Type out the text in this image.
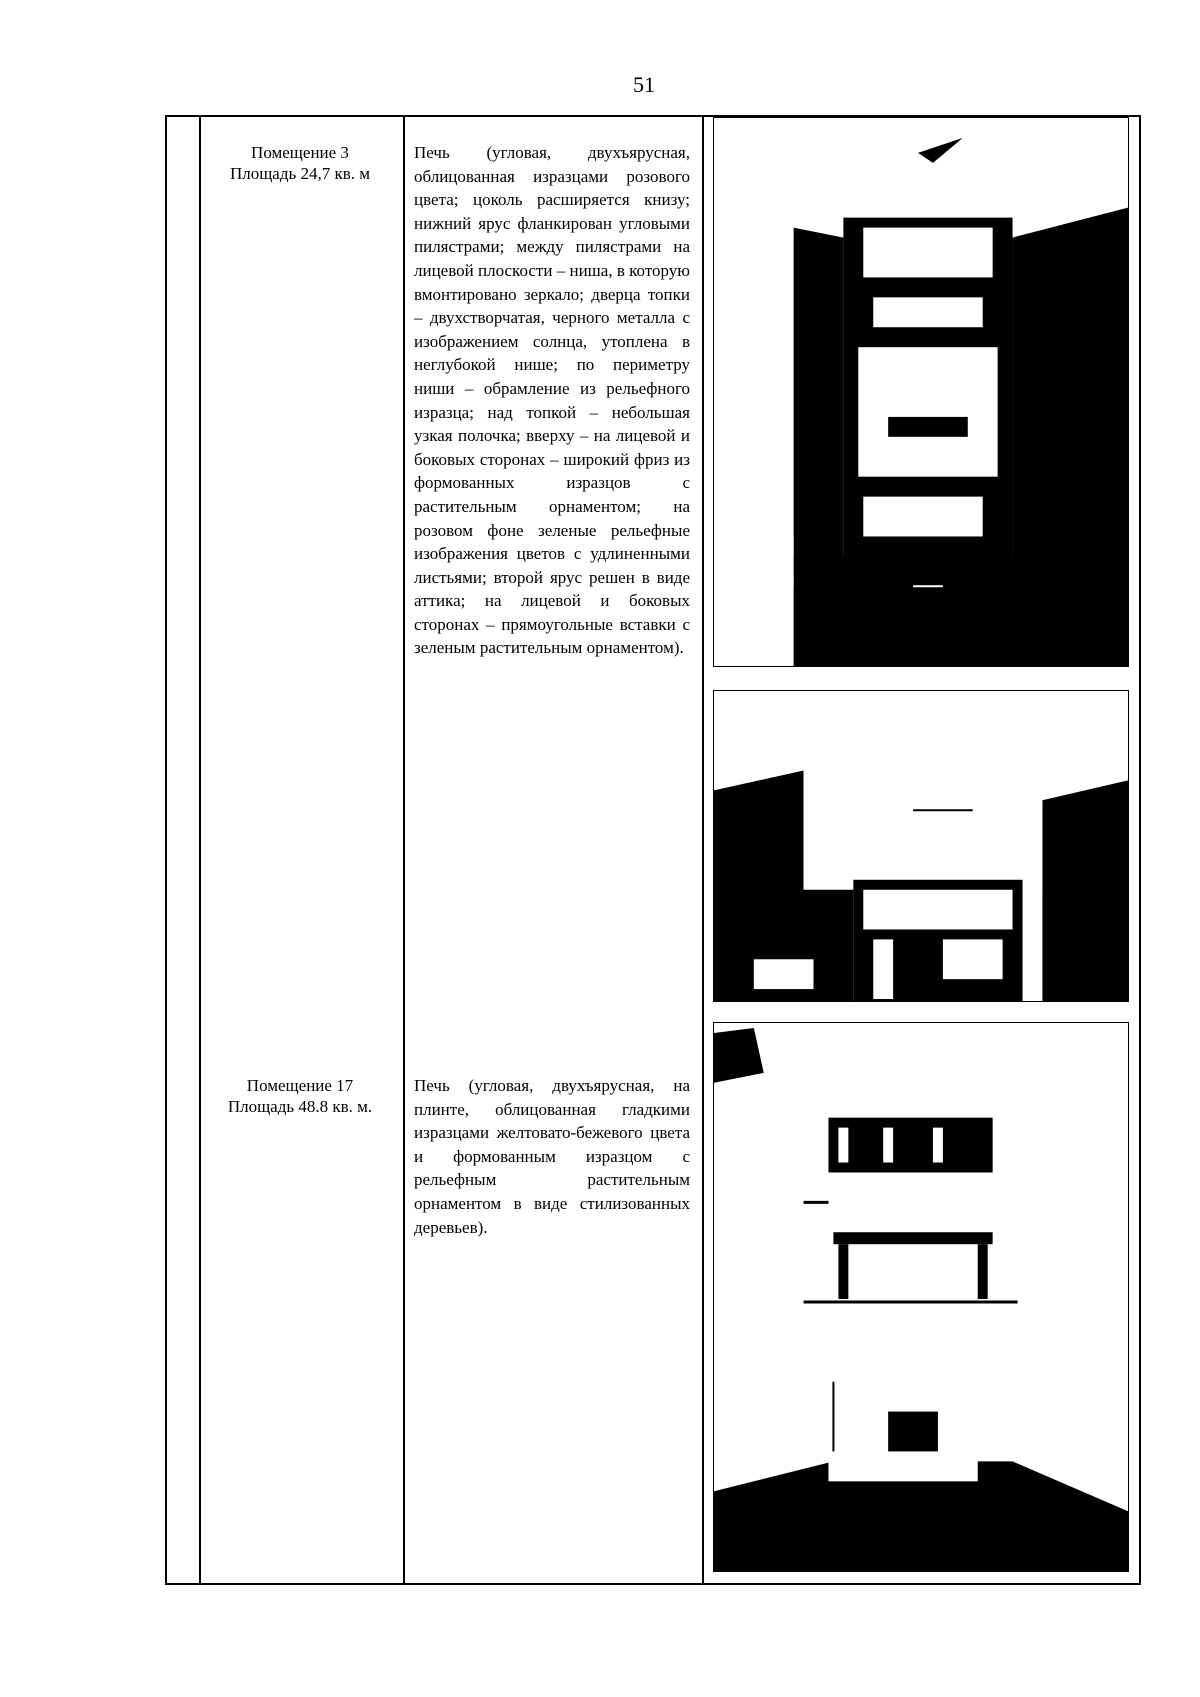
51
Помещение 3
Площадь 24,7 кв. м
Печь (угловая, двухъярусная, облицованная изразцами розового цвета; цоколь расширяется книзу; нижний ярус фланкирован угловыми пилястрами; между пилястрами на лицевой плоскости – ниша, в которую вмонтировано зеркало; дверца топки – двухстворчатая, черного металла с изображением солнца, утоплена в неглубокой нише; по периметру ниши – обрамление из рельефного изразца; над топкой – небольшая узкая полочка; вверху – на лицевой и боковых сторонах – широкий фриз из формованных изразцов с растительным орнаментом; на розовом фоне зеленые рельефные изображения цветов с удлиненными листьями; второй ярус решен в виде аттика; на лицевой и боковых сторонах – прямоугольные вставки с зеленым растительным орнаментом).
Помещение 17
Площадь 48.8 кв. м.
Печь (угловая, двухъярусная, на плинте, облицованная гладкими изразцами желтовато-бежевого цвета и формованным изразцом с рельефным растительным орнаментом в виде стилизованных деревьев).
